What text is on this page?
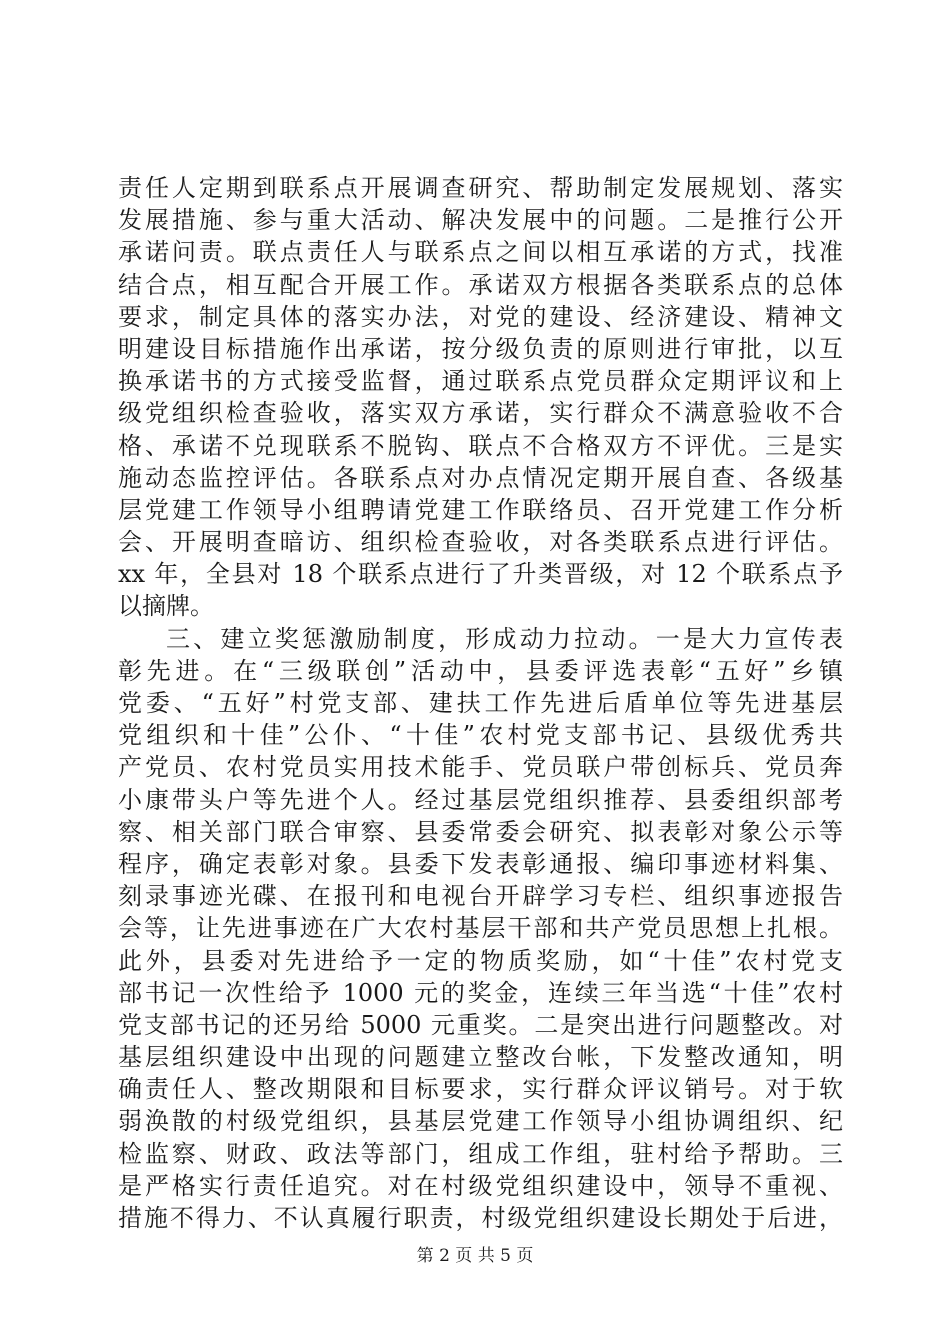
责任人定期到联系点开展调查研究、帮助制定发展规划、落实
发展措施、参与重大活动、解决发展中的问题。二是推行公开
承诺问责。联点责任人与联系点之间以相互承诺的方式，找准
结合点，相互配合开展工作。承诺双方根据各类联系点的总体
要求，制定具体的落实办法，对党的建设、经济建设、精神文
明建设目标措施作出承诺，按分级负责的原则进行审批，以互
换承诺书的方式接受监督，通过联系点党员群众定期评议和上
级党组织检查验收，落实双方承诺，实行群众不满意验收不合
格、承诺不兑现联系不脱钩、联点不合格双方不评优。三是实
施动态监控评估。各联系点对办点情况定期开展自查、各级基
层党建工作领导小组聘请党建工作联络员、召开党建工作分析
会、开展明查暗访、组织检查验收，对各类联系点进行评估。
xx 年，全县对 18 个联系点进行了升类晋级，对 12 个联系点予
以摘牌。
三、建立奖惩激励制度，形成动力拉动。一是大力宣传表
彰先进。在“三级联创”活动中，县委评选表彰“五好”乡镇
党委、“五好”村党支部、建扶工作先进后盾单位等先进基层
党组织和十佳”公仆、“十佳”农村党支部书记、县级优秀共
产党员、农村党员实用技术能手、党员联户带创标兵、党员奔
小康带头户等先进个人。经过基层党组织推荐、县委组织部考
察、相关部门联合审察、县委常委会研究、拟表彰对象公示等
程序，确定表彰对象。县委下发表彰通报、编印事迹材料集、
刻录事迹光碟、在报刊和电视台开辟学习专栏、组织事迹报告
会等，让先进事迹在广大农村基层干部和共产党员思想上扎根。
此外，县委对先进给予一定的物质奖励，如“十佳”农村党支
部书记一次性给予 1000 元的奖金，连续三年当选“十佳”农村
党支部书记的还另给 5000 元重奖。二是突出进行问题整改。对
基层组织建设中出现的问题建立整改台帐，下发整改通知，明
确责任人、整改期限和目标要求，实行群众评议销号。对于软
弱涣散的村级党组织，县基层党建工作领导小组协调组织、纪
检监察、财政、政法等部门，组成工作组，驻村给予帮助。三
是严格实行责任追究。对在村级党组织建设中，领导不重视、
措施不得力、不认真履行职责，村级党组织建设长期处于后进，
第 2 页 共 5 页
